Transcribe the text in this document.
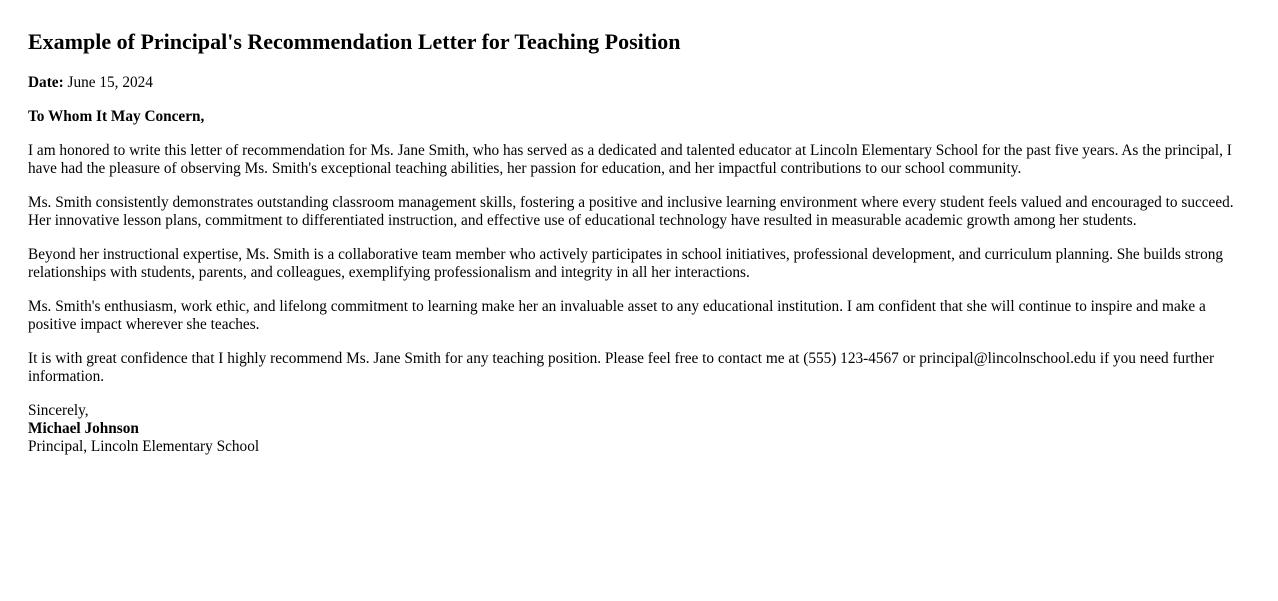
Example of Principal's Recommendation Letter for Teaching Position

Date: June 15, 2024

To Whom It May Concern,

I am honored to write this letter of recommendation for Ms. Jane Smith, who has served as a dedicated and talented educator at Lincoln Elementary School for the past five years. As the principal, I have had the pleasure of observing Ms. Smith's exceptional teaching abilities, her passion for education, and her impactful contributions to our school community.

Ms. Smith consistently demonstrates outstanding classroom management skills, fostering a positive and inclusive learning environment where every student feels valued and encouraged to succeed. Her innovative lesson plans, commitment to differentiated instruction, and effective use of educational technology have resulted in measurable academic growth among her students.

Beyond her instructional expertise, Ms. Smith is a collaborative team member who actively participates in school initiatives, professional development, and curriculum planning. She builds strong relationships with students, parents, and colleagues, exemplifying professionalism and integrity in all her interactions.

Ms. Smith's enthusiasm, work ethic, and lifelong commitment to learning make her an invaluable asset to any educational institution. I am confident that she will continue to inspire and make a positive impact wherever she teaches.

It is with great confidence that I highly recommend Ms. Jane Smith for any teaching position. Please feel free to contact me at (555) 123-4567 or principal@lincolnschool.edu if you need further information.

Sincerely,
Michael Johnson
Principal, Lincoln Elementary School
